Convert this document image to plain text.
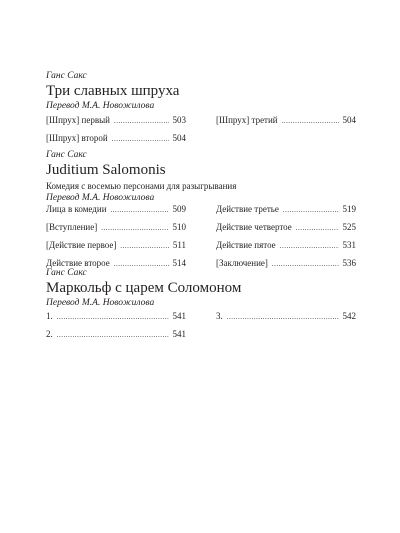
Ганс Сакс
Три славных шпруха
Перевод М.А. Новожилова
[Шпрух] первый .....	503	[Шпрух] третий .....	504
[Шпрух] второй .....	504
Ганс Сакс
Juditium Salomonis
Комедия с восемью персонами для разыгрывания
Перевод М.А. Новожилова
Лица в комедии .....	509	Действие третье .....	519
[Вступление] .....	510	Действие четвертое .....	525
[Действие первое] .....	511	Действие пятое .....	531
Действие второе .....	514	[Заключение] .....	536
Ганс Сакс
Маркольф с царем Соломоном
Перевод М.А. Новожилова
1. .....	541	3. .....	542
2. .....	541
